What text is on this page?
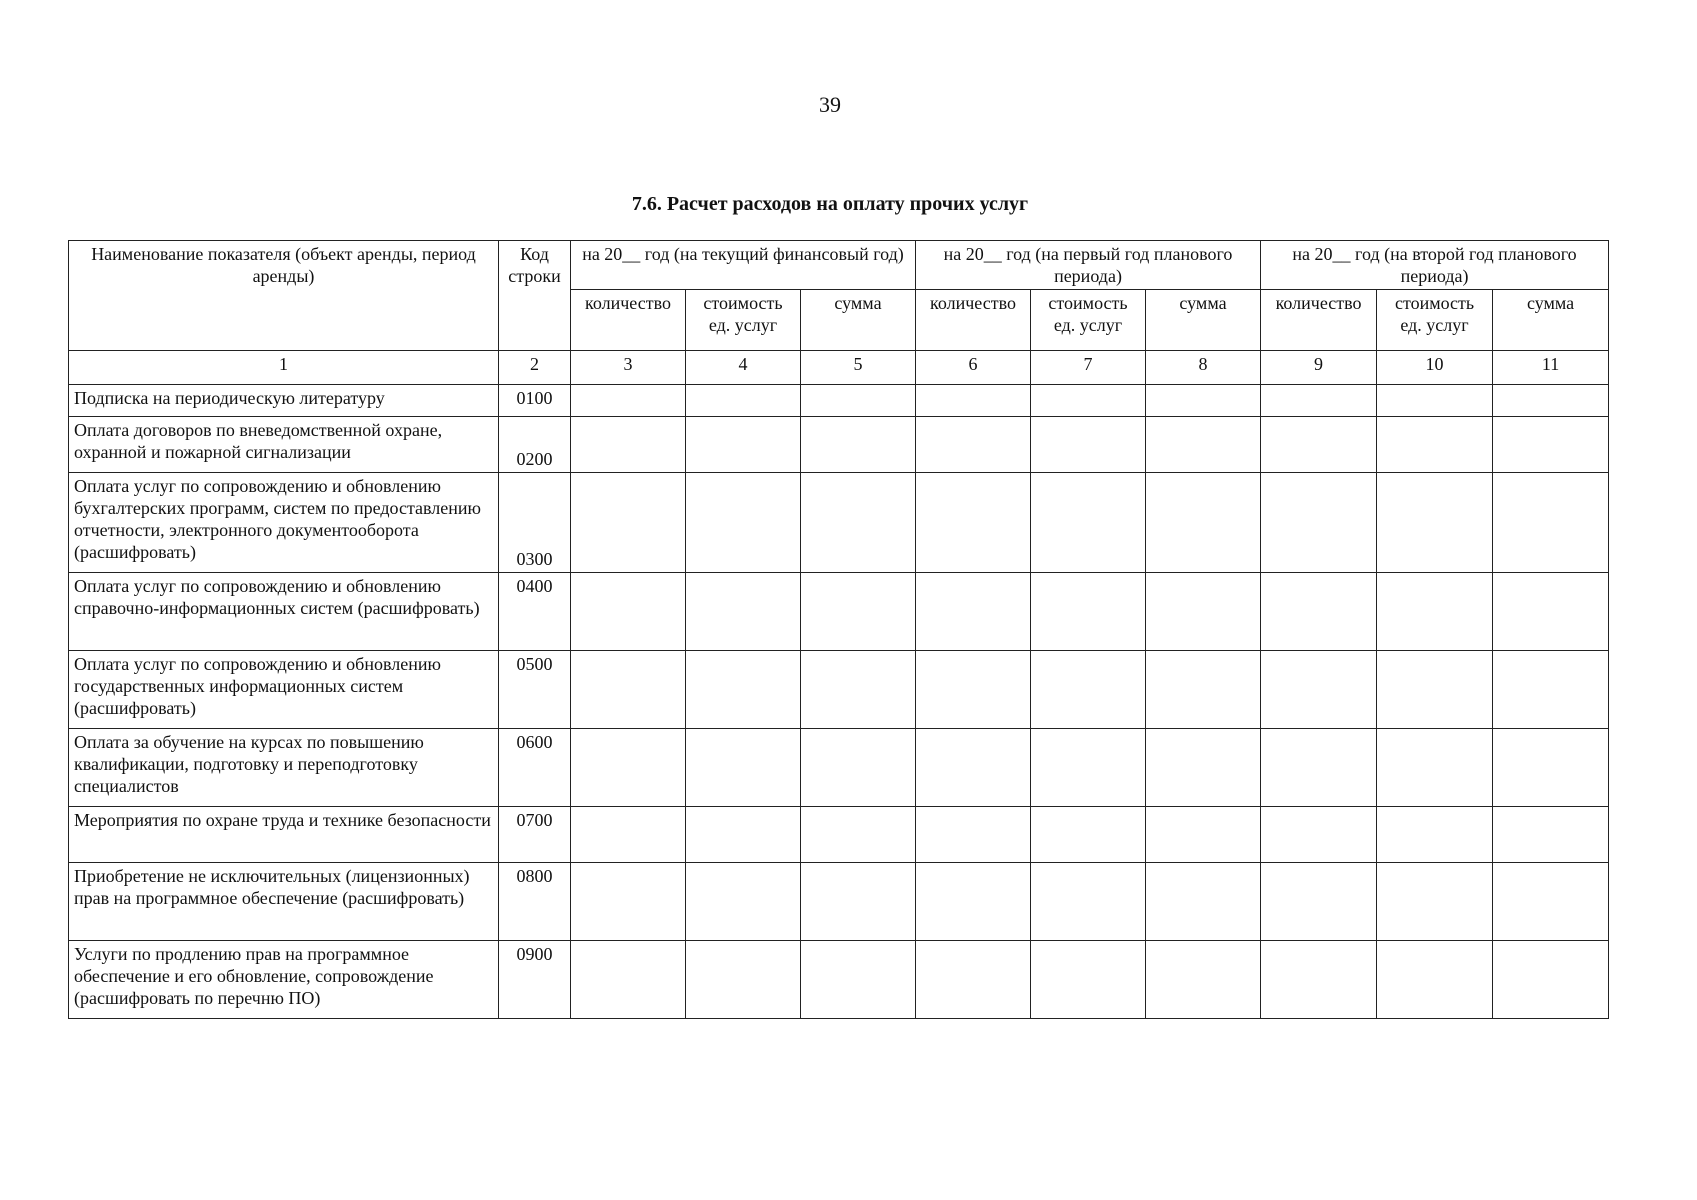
39
7.6. Расчет расходов на оплату прочих услуг
Наименование показателя (объект аренды, период аренды)	Код строки	на 20__ год (на текущий финансовый год)			на 20__ год (на первый год планового периода)			на 20__ год (на второй год планового периода)		
		количество	стоимость ед. услуг	сумма	количество	стоимость ед. услуг	сумма	количество	стоимость ед. услуг	сумма
1	2	3	4	5	6	7	8	9	10	11
Подписка на периодическую литературу	0100									
Оплата договоров по вневедомственной охране, охранной и пожарной сигнализации	0200									
Оплата услуг по сопровождению и обновлению бухгалтерских программ, систем по предоставлению отчетности, электронного документооборота (расшифровать)	0300									
Оплата услуг по сопровождению и обновлению справочно-информационных систем (расшифровать)	0400									
Оплата услуг по сопровождению и обновлению государственных информационных систем (расшифровать)	0500									
Оплата за обучение на курсах по повышению квалификации, подготовку и переподготовку специалистов	0600									
Мероприятия по охране труда и технике безопасности	0700									
Приобретение не исключительных (лицензионных) прав на программное обеспечение (расшифровать)	0800									
Услуги по продлению прав на программное обеспечение и его обновление, сопровождение (расшифровать по перечню ПО)	0900									
